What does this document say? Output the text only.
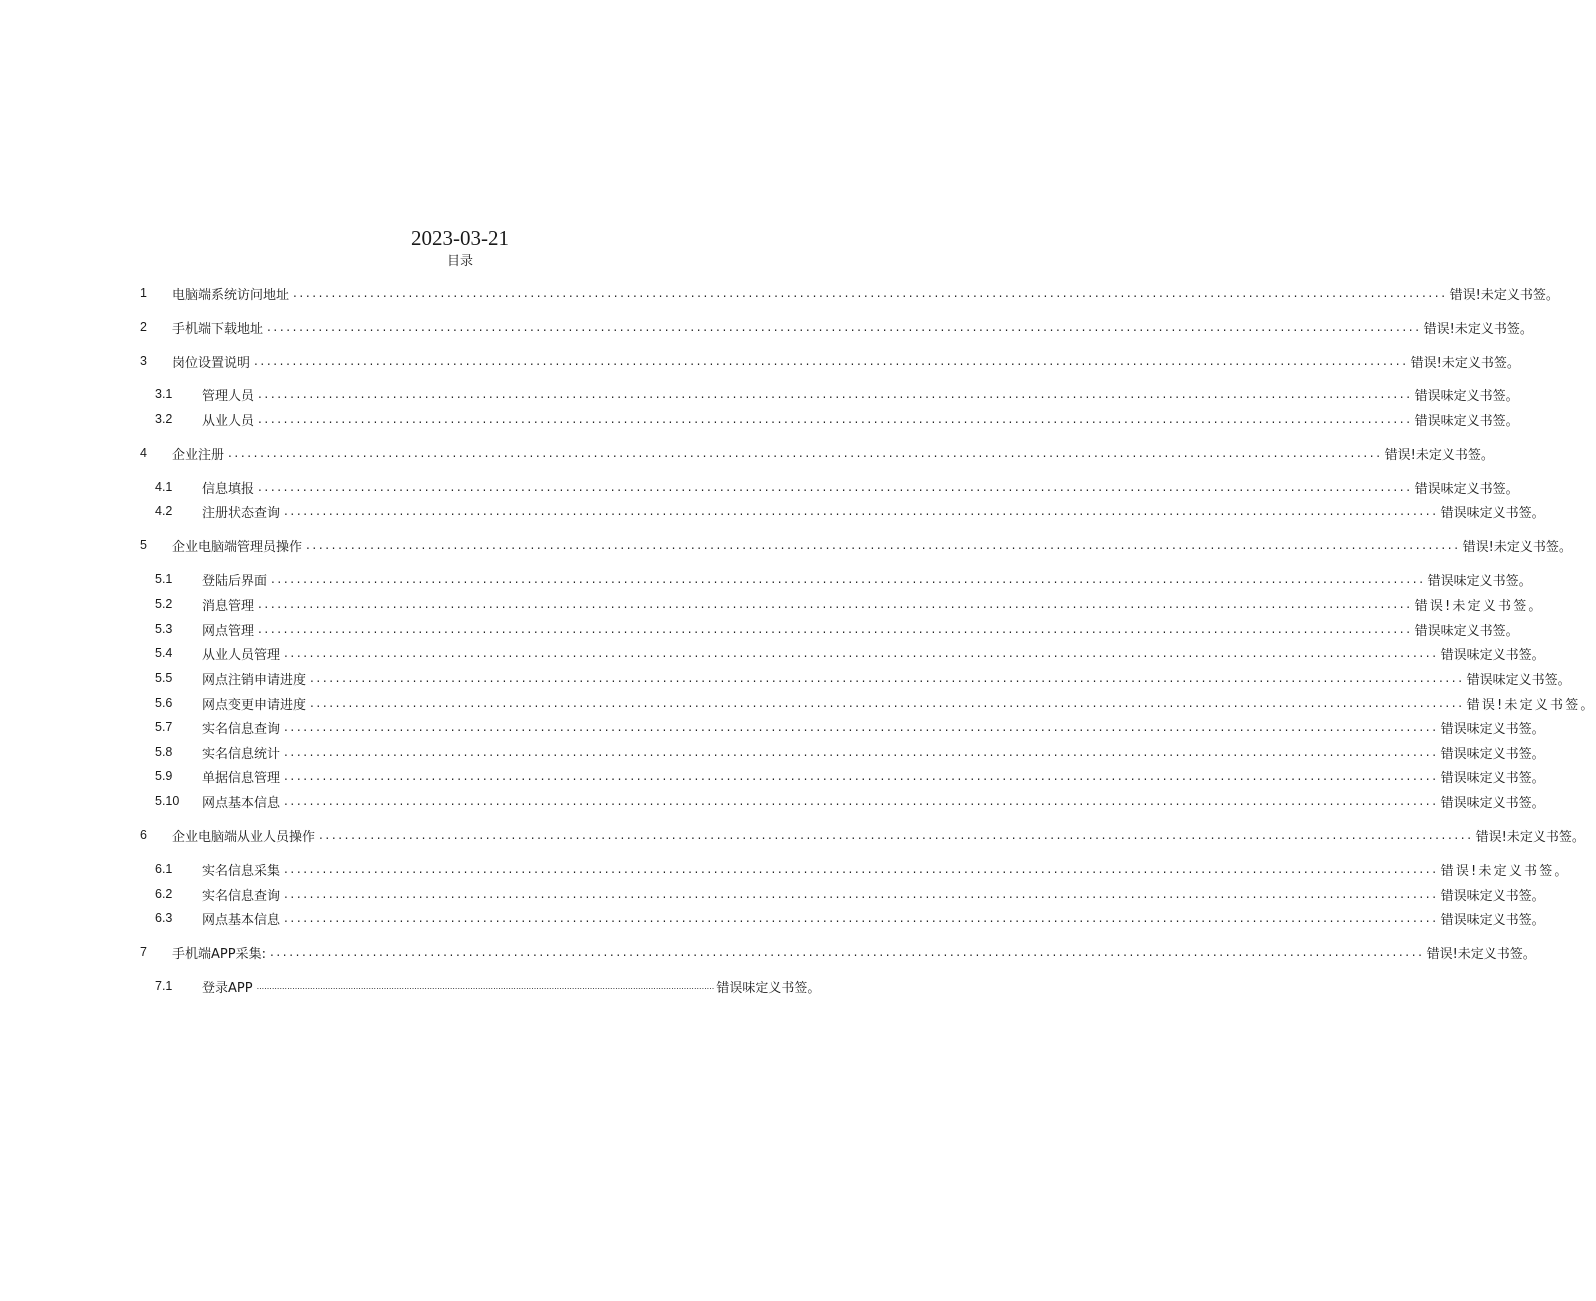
2023-03-21
目录
1	电脑端系统访问地址 .................................................................................................................................................................................... 错误!未定义书签。
2	手机端下载地址 .................................................................................................................................................................................... 错误!未定义书签。
3	岗位设置说明 .................................................................................................................................................................................... 错误!未定义书签。
3.1	管理人员 .................................................................................................................................................................................... 错误味定义书签。
3.2	从业人员 .................................................................................................................................................................................... 错误味定义书签。
4	企业注册 .................................................................................................................................................................................... 错误!未定义书签。
4.1	信息填报 .................................................................................................................................................................................... 错误味定义书签。
4.2	注册状态查询 .................................................................................................................................................................................... 错误味定义书签。
5	企业电脑端管理员操作 .................................................................................................................................................................................... 错误!未定义书签。
5.1	登陆后界面 .................................................................................................................................................................................... 错误味定义书签。
5.2	消息管理 .................................................................................................................................................................................... 错误!未定义书签。
5.3	网点管理 .................................................................................................................................................................................... 错误味定义书签。
5.4	从业人员管理 .................................................................................................................................................................................... 错误味定义书签。
5.5	网点注销申请进度 .................................................................................................................................................................................... 错误味定义书签。
5.6	网点变更申请进度 .................................................................................................................................................................................... 错误!未定义书签。
5.7	实名信息查询 .................................................................................................................................................................................... 错误味定义书签。
5.8	实名信息统计 .................................................................................................................................................................................... 错误味定义书签。
5.9	单据信息管理 .................................................................................................................................................................................... 错误味定义书签。
5.10	网点基本信息 .................................................................................................................................................................................... 错误味定义书签。
6	企业电脑端从业人员操作 .................................................................................................................................................................................... 错误!未定义书签。
6.1	实名信息采集 .................................................................................................................................................................................... 错误!未定义书签。
6.2	实名信息查询 .................................................................................................................................................................................... 错误味定义书签。
6.3	网点基本信息 .................................................................................................................................................................................... 错误味定义书签。
7	手机端APP采集: .................................................................................................................................................................................... 错误!未定义书签。
7.1	登录APP .................................................................................................................................................................................... 错误味定义书签。
